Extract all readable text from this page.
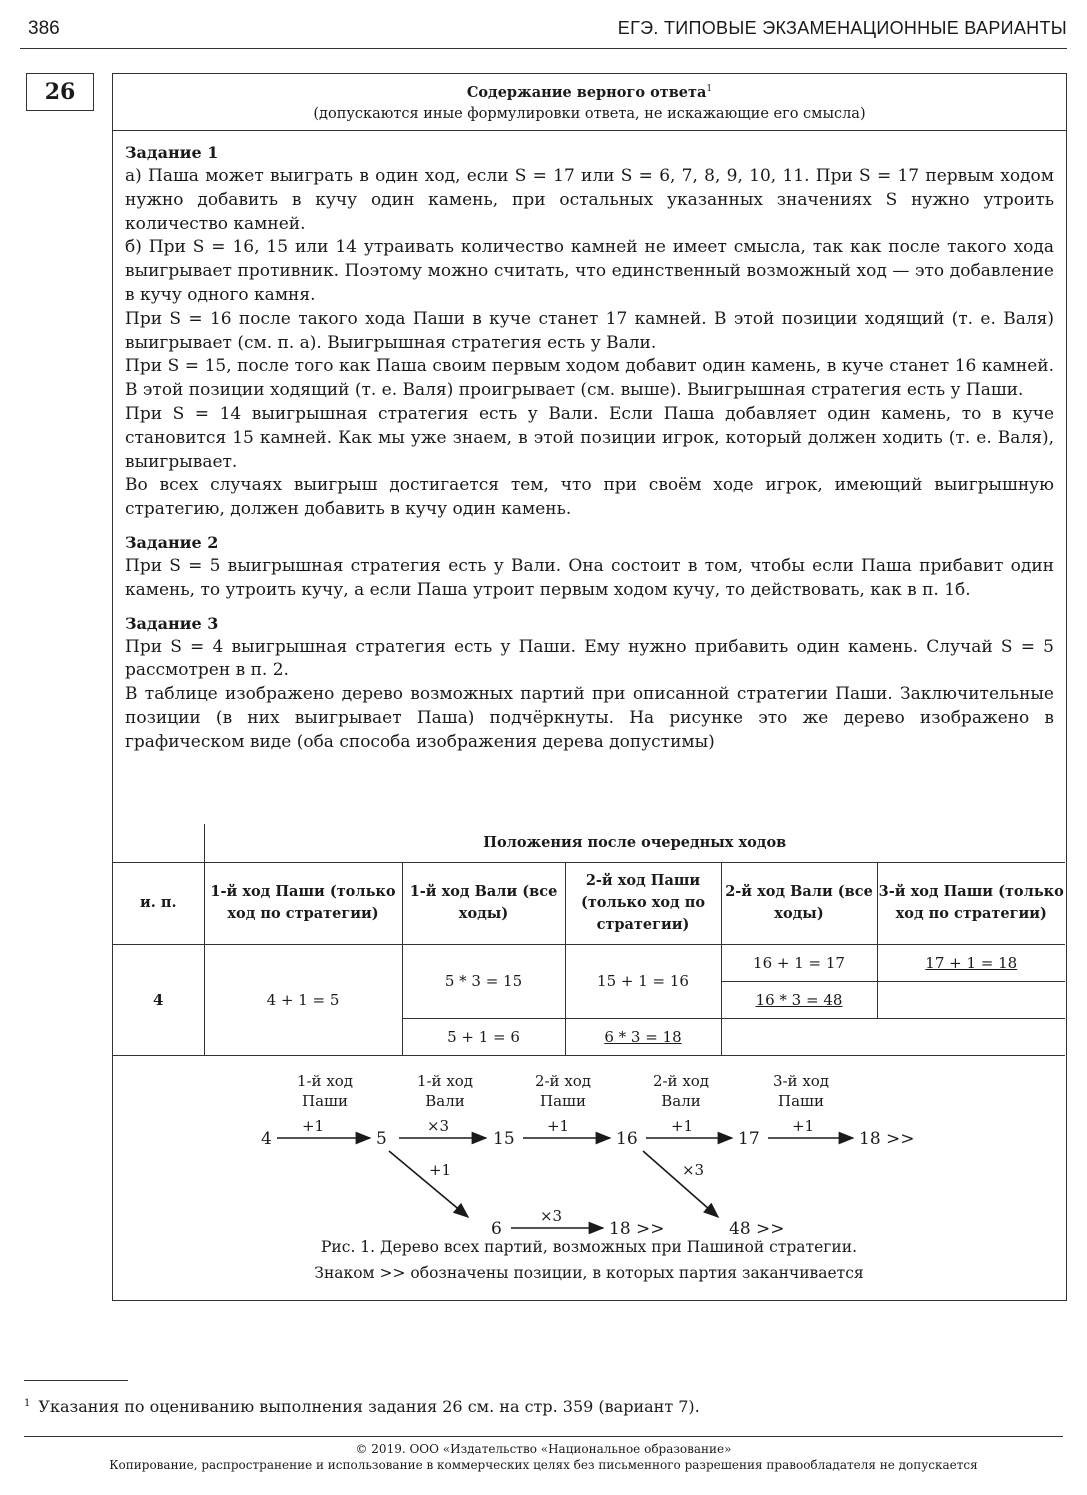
386	ЕГЭ. ТИПОВЫЕ ЭКЗАМЕНАЦИОННЫЕ ВАРИАНТЫ
26	Содержание верного ответа$^1$
(допускаются иные формулировки ответа, не искажающие его смысла)
Задание 1

а) Паша может выиграть в один ход, если S = 17 или S = 6, 7, 8, 9, 10, 11. При S = 17 первым ходом нужно добавить в кучу один камень, при остальных указанных значениях S нужно утроить количество камней.

б) При S = 16, 15 или 14 утраивать количество камней не имеет смысла, так как после такого хода выигрывает противник. Поэтому можно считать, что единственный возможный ход — это добавление в кучу одного камня.

При S = 16 после такого хода Паши в куче станет 17 камней. В этой позиции ходящий (т. е. Валя) выигрывает (см. п. а). Выигрышная стратегия есть у Вали.

При S = 15, после того как Паша своим первым ходом добавит один камень, в куче станет 16 камней. В этой позиции ходящий (т. е. Валя) проигрывает (см. выше). Выигрышная стратегия есть у Паши.

При S = 14 выигрышная стратегия есть у Вали. Если Паша добавляет один камень, то в куче становится 15 камней. Как мы уже знаем, в этой позиции игрок, который должен ходить (т. е. Валя), выигрывает.

Во всех случаях выигрыш достигается тем, что при своём ходе игрок, имеющий выигрышную стратегию, должен добавить в кучу один камень.

Задание 2

При S = 5 выигрышная стратегия есть у Вали. Она состоит в том, чтобы если Паша прибавит один камень, то утроить кучу, а если Паша утроит первым ходом кучу, то действовать, как в п. 1б.

Задание 3

При S = 4 выигрышная стратегия есть у Паши. Ему нужно прибавить один камень. Случай S = 5 рассмотрен в п. 2.

В таблице изображено дерево возможных партий при описанной стратегии Паши. Заключительные позиции (в них выигрывает Паша) подчёркнуты. На рисунке это же дерево изображено в графическом виде (оба способа изображения дерева допустимы)

	Положения после очередных ходов				
и. п.	1-й ход Паши (только ход по стратегии)	1-й ход Вали (все ходы)	2-й ход Паши (только ход по стратегии)	2-й ход Вали (все ходы)	3-й ход Паши (только ход по стратегии)
4	4 + 1 = 5	5 * 3 = 15	15 + 1 = 16	16 + 1 = 17	17 + 1 = 18
				16 * 3 = 48	
		5 + 1 = 6	6 * 3 = 18		
1-й ход
Паши
1-й ход
Вали
2-й ход
Паши
2-й ход
Вали
3-й ход
Паши
4	5	15	16	17	18 >>
6	18 >>	48 >>
+1	×3	+1	+1	+1
+1
×3
×3
Рис. 1. Дерево всех партий, возможных при Пашиной стратегии.
Знаком >> обозначены позиции, в которых партия заканчивается
$^1$ Указания по оцениванию выполнения задания 26 см. на стр. 359 (вариант 7).
© 2019. ООО «Издательство «Национальное образование»
Копирование, распространение и использование в коммерческих целях без письменного разрешения правообладателя не допускается
